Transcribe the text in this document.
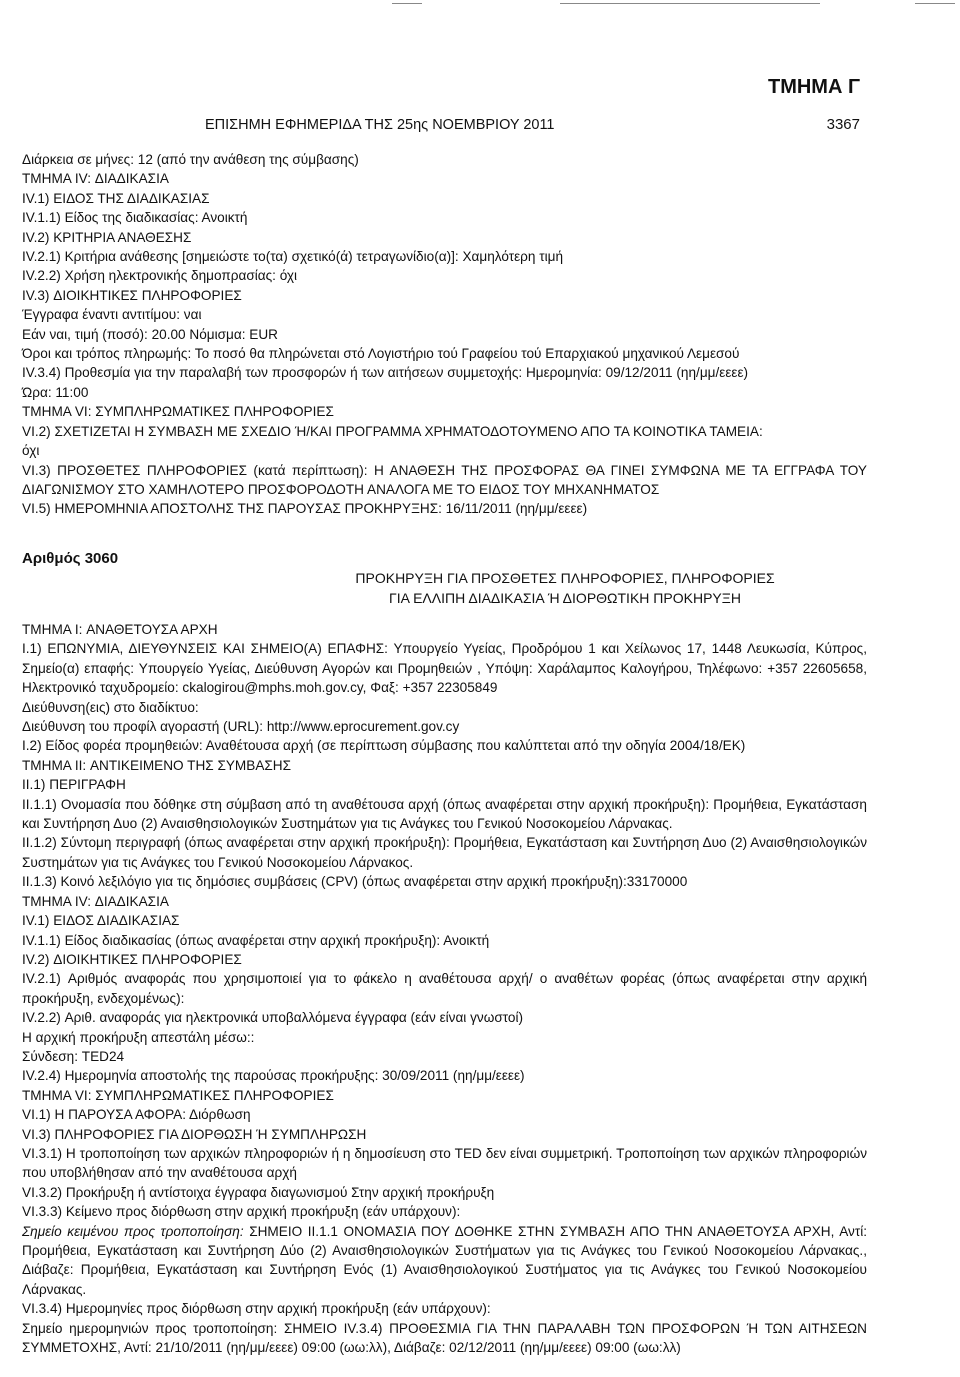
ΤΜΗΜΑ Γ
ΕΠΙΣΗΜΗ ΕΦΗΜΕΡΙΔΑ ΤΗΣ 25ης ΝΟΕΜΒΡΙΟΥ 2011	3367

Διάρκεια σε μήνες: 12 (από την ανάθεση της σύμβασης)

ΤΜΗΜΑ IV: ΔΙΑΔΙΚΑΣΙΑ

IV.1) ΕΙΔΟΣ ΤΗΣ ΔΙΑΔΙΚΑΣΙΑΣ

IV.1.1) Είδος της διαδικασίας: Ανοικτή

IV.2) ΚΡΙΤΗΡΙΑ ΑΝΑΘΕΣΗΣ

IV.2.1) Κριτήρια ανάθεσης [σημειώστε το(τα) σχετικό(ά) τετραγωνίδιο(α)]: Χαμηλότερη τιμή

IV.2.2) Χρήση ηλεκτρονικής δημοπρασίας: όχι

IV.3) ΔΙΟΙΚΗΤΙΚΕΣ ΠΛΗΡΟΦΟΡΙΕΣ

Έγγραφα έναντι αντιτίμου: ναι

Εάν ναι, τιμή (ποσό): 20.00 Νόμισμα: EUR

Όροι και τρόπος πληρωμής: Το ποσό θα πληρώνεται στό Λογιστήριο τού Γραφείου τού Επαρχιακού μηχανικού Λεμεσού

IV.3.4) Προθεσμία για την παραλαβή των προσφορών ή των αιτήσεων συμμετοχής: Ημερομηνία: 09/12/2011 (ηη/μμ/εεεε)

Ώρα: 11:00

ΤΜΗΜΑ VI: ΣΥΜΠΛΗΡΩΜΑΤΙΚΕΣ ΠΛΗΡΟΦΟΡΙΕΣ

VI.2) ΣΧΕΤΙΖΕΤΑΙ Η ΣΥΜΒΑΣΗ ΜΕ ΣΧΕΔΙΟ Ή/ΚΑΙ ΠΡΟΓΡΑΜΜΑ ΧΡΗΜΑΤΟΔΟΤΟΥΜΕΝΟ ΑΠΟ ΤΑ ΚΟΙΝΟΤΙΚΑ ΤΑΜΕΙΑ:

όχι

VI.3) ΠΡΟΣΘΕΤΕΣ ΠΛΗΡΟΦΟΡΙΕΣ (κατά περίπτωση): Η ΑΝΑΘΕΣΗ ΤΗΣ ΠΡΟΣΦΟΡΑΣ ΘΑ ΓΙΝΕΙ ΣΥΜΦΩΝΑ ΜΕ ΤΑ ΕΓΓΡΑΦΑ ΤΟΥ ΔΙΑΓΩΝΙΣΜΟΥ ΣΤΟ ΧΑΜΗΛΟΤΕΡΟ ΠΡΟΣΦΟΡΟΔΟΤΗ ΑΝΑΛΟΓΑ ΜΕ ΤΟ ΕΙΔΟΣ ΤΟΥ ΜΗΧΑΝΗΜΑΤΟΣ

VI.5) ΗΜΕΡΟΜΗΝΙΑ ΑΠΟΣΤΟΛΗΣ ΤΗΣ ΠΑΡΟΥΣΑΣ ΠΡΟΚΗΡΥΞΗΣ: 16/11/2011 (ηη/μμ/εεεε)

Αριθμός 3060

ΠΡΟΚΗΡΥΞΗ ΓΙΑ ΠΡΟΣΘΕΤΕΣ ΠΛΗΡΟΦΟΡΙΕΣ, ΠΛΗΡΟΦΟΡΙΕΣ

ΓΙΑ ΕΛΛΙΠΗ ΔΙΑΔΙΚΑΣΙΑ Ή ΔΙΟΡΘΩΤΙΚΗ ΠΡΟΚΗΡΥΞΗ

ΤΜΗΜΑ I: ΑΝΑΘΕΤΟΥΣΑ ΑΡΧΗ

I.1) ΕΠΩΝΥΜΙΑ, ΔΙΕΥΘΥΝΣΕΙΣ ΚΑΙ ΣΗΜΕΙΟ(Α) ΕΠΑΦΗΣ: Υπουργείο Υγείας, Προδρόμου 1 και Χείλωνος 17, 1448 Λευκωσία, Κύπρος, Σημείο(α) επαφής: Υπουργείο Υγείας, Διεύθυνση Αγορών και Προμηθειών , Υπόψη: Χαράλαμπος Καλογήρου, Τηλέφωνο: +357 22605658, Ηλεκτρονικό ταχυδρομείο: ckalogirou@mphs.moh.gov.cy, Φαξ: +357 22305849

Διεύθυνση(εις) στο διαδίκτυο:

Διεύθυνση του προφίλ αγοραστή (URL): http://www.eprocurement.gov.cy

I.2) Είδος φορέα προμηθειών: Αναθέτουσα αρχή (σε περίπτωση σύμβασης που καλύπτεται από την οδηγία 2004/18/ΕΚ)

ΤΜΗΜΑ II: ΑΝΤΙΚΕΙΜΕΝΟ ΤΗΣ ΣΥΜΒΑΣΗΣ

II.1) ΠΕΡΙΓΡΑΦΗ

II.1.1) Ονομασία που δόθηκε στη σύμβαση από τη αναθέτουσα αρχή (όπως αναφέρεται στην αρχική προκήρυξη): Προμήθεια, Εγκατάσταση και Συντήρηση Δυο (2) Αναισθησιολογικών Συστημάτων για τις Ανάγκες του Γενικού Νοσοκομείου Λάρνακας.

II.1.2) Σύντομη περιγραφή (όπως αναφέρεται στην αρχική προκήρυξη): Προμήθεια, Εγκατάσταση και Συντήρηση Δυο (2) Αναισθησιολογικών Συστημάτων για τις Ανάγκες του Γενικού Νοσοκομείου Λάρνακος.

II.1.3) Κοινό λεξιλόγιο για τις δημόσιες συμβάσεις (CPV) (όπως αναφέρεται στην αρχική προκήρυξη):33170000

ΤΜΗΜΑ IV: ΔΙΑΔΙΚΑΣΙΑ

IV.1) ΕΙΔΟΣ ΔΙΑΔΙΚΑΣΙΑΣ

IV.1.1) Είδος διαδικασίας (όπως αναφέρεται στην αρχική προκήρυξη): Ανοικτή

IV.2) ΔΙΟΙΚΗΤΙΚΕΣ ΠΛΗΡΟΦΟΡΙΕΣ

IV.2.1) Αριθμός αναφοράς που χρησιμοποιεί για το φάκελο η αναθέτουσα αρχή/ ο αναθέτων φορέας (όπως αναφέρεται στην αρχική προκήρυξη, ενδεχομένως):

IV.2.2) Αριθ. αναφοράς για ηλεκτρονικά υποβαλλόμενα έγγραφα (εάν είναι γνωστοί)

Η αρχική προκήρυξη απεστάλη μέσω::

Σύνδεση: TED24

IV.2.4) Ημερομηνία αποστολής της παρούσας προκήρυξης: 30/09/2011 (ηη/μμ/εεεε)

ΤΜΗΜΑ VI: ΣΥΜΠΛΗΡΩΜΑΤΙΚΕΣ ΠΛΗΡΟΦΟΡΙΕΣ

VI.1) Η ΠΑΡΟΥΣΑ ΑΦΟΡΑ: Διόρθωση

VI.3) ΠΛΗΡΟΦΟΡΙΕΣ ΓΙΑ ΔΙΟΡΘΩΣΗ Ή ΣΥΜΠΛΗΡΩΣΗ

VI.3.1) Η τροποποίηση των αρχικών πληροφοριών ή η δημοσίευση στο TED δεν είναι συμμετρική. Τροποποίηση των αρχικών πληροφοριών που υποβλήθησαν από την αναθέτουσα αρχή

VI.3.2) Προκήρυξη ή αντίστοιχα έγγραφα διαγωνισμού Στην αρχική προκήρυξη

VI.3.3) Κείμενο προς διόρθωση στην αρχική προκήρυξη (εάν υπάρχουν):

Σημείο κειμένου προς τροποποίηση: ΣΗΜΕΙΟ II.1.1 ΟΝΟΜΑΣΙΑ ΠΟΥ ΔΟΘΗΚΕ ΣΤΗΝ ΣΥΜΒΑΣΗ ΑΠΟ ΤΗΝ ΑΝΑΘΕΤΟΥΣΑ ΑΡΧΗ, Αντί: Προμήθεια, Εγκατάσταση και Συντήρηση Δύο (2) Αναισθησιολογικών Συστήματων για τις Ανάγκες του Γενικού Νοσοκομείου Λάρνακας., Διάβαζε: Προμήθεια, Εγκατάσταση και Συντήρηση Ενός (1) Αναισθησιολογικού Συστήματος για τις Ανάγκες του Γενικού Νοσοκομείου Λάρνακας.

VI.3.4) Ημερομηνίες προς διόρθωση στην αρχική προκήρυξη (εάν υπάρχουν):

Σημείο ημερομηνιών προς τροποποίηση: ΣΗΜΕΙΟ IV.3.4) ΠΡΟΘΕΣΜΙΑ ΓΙΑ ΤΗΝ ΠΑΡΑΛΑΒΗ ΤΩΝ ΠΡΟΣΦΟΡΩΝ Ή ΤΩΝ ΑΙΤΗΣΕΩΝ ΣΥΜΜΕΤΟΧΗΣ, Αντί: 21/10/2011 (ηη/μμ/εεεε) 09:00 (ωω:λλ), Διάβαζε: 02/12/2011 (ηη/μμ/εεεε) 09:00 (ωω:λλ)
